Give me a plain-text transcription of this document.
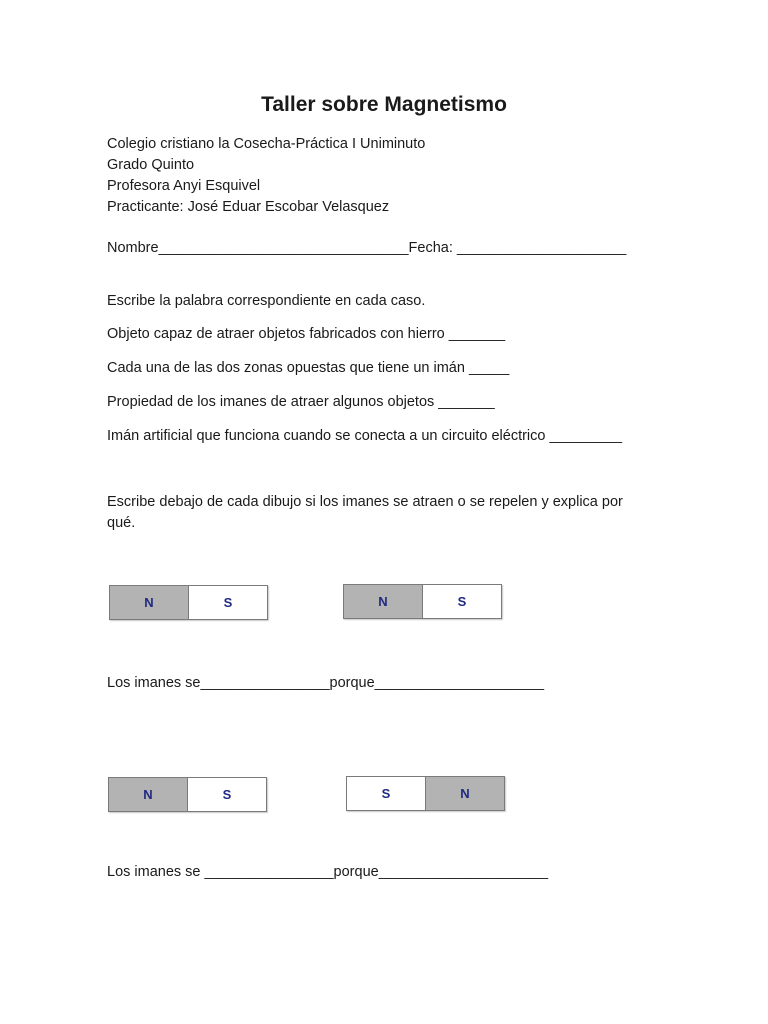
Taller sobre Magnetismo
Colegio cristiano la Cosecha-Práctica I Uniminuto
Grado Quinto
Profesora Anyi Esquivel
Practicante: José Eduar Escobar Velasquez
Nombre_______________________________Fecha: _____________________
Escribe la palabra correspondiente en cada caso.
Objeto capaz de atraer objetos fabricados con hierro _______
Cada una de las dos zonas opuestas que tiene un imán _____
Propiedad de los imanes de atraer algunos objetos _______
Imán artificial que funciona cuando se conecta a un circuito eléctrico _________
Escribe debajo de cada dibujo si los imanes se atraen o se repelen y explica por qué.
N	S	N	S
Los imanes se________________porque_____________________
N	S	S	N
Los imanes se ________________porque_____________________
